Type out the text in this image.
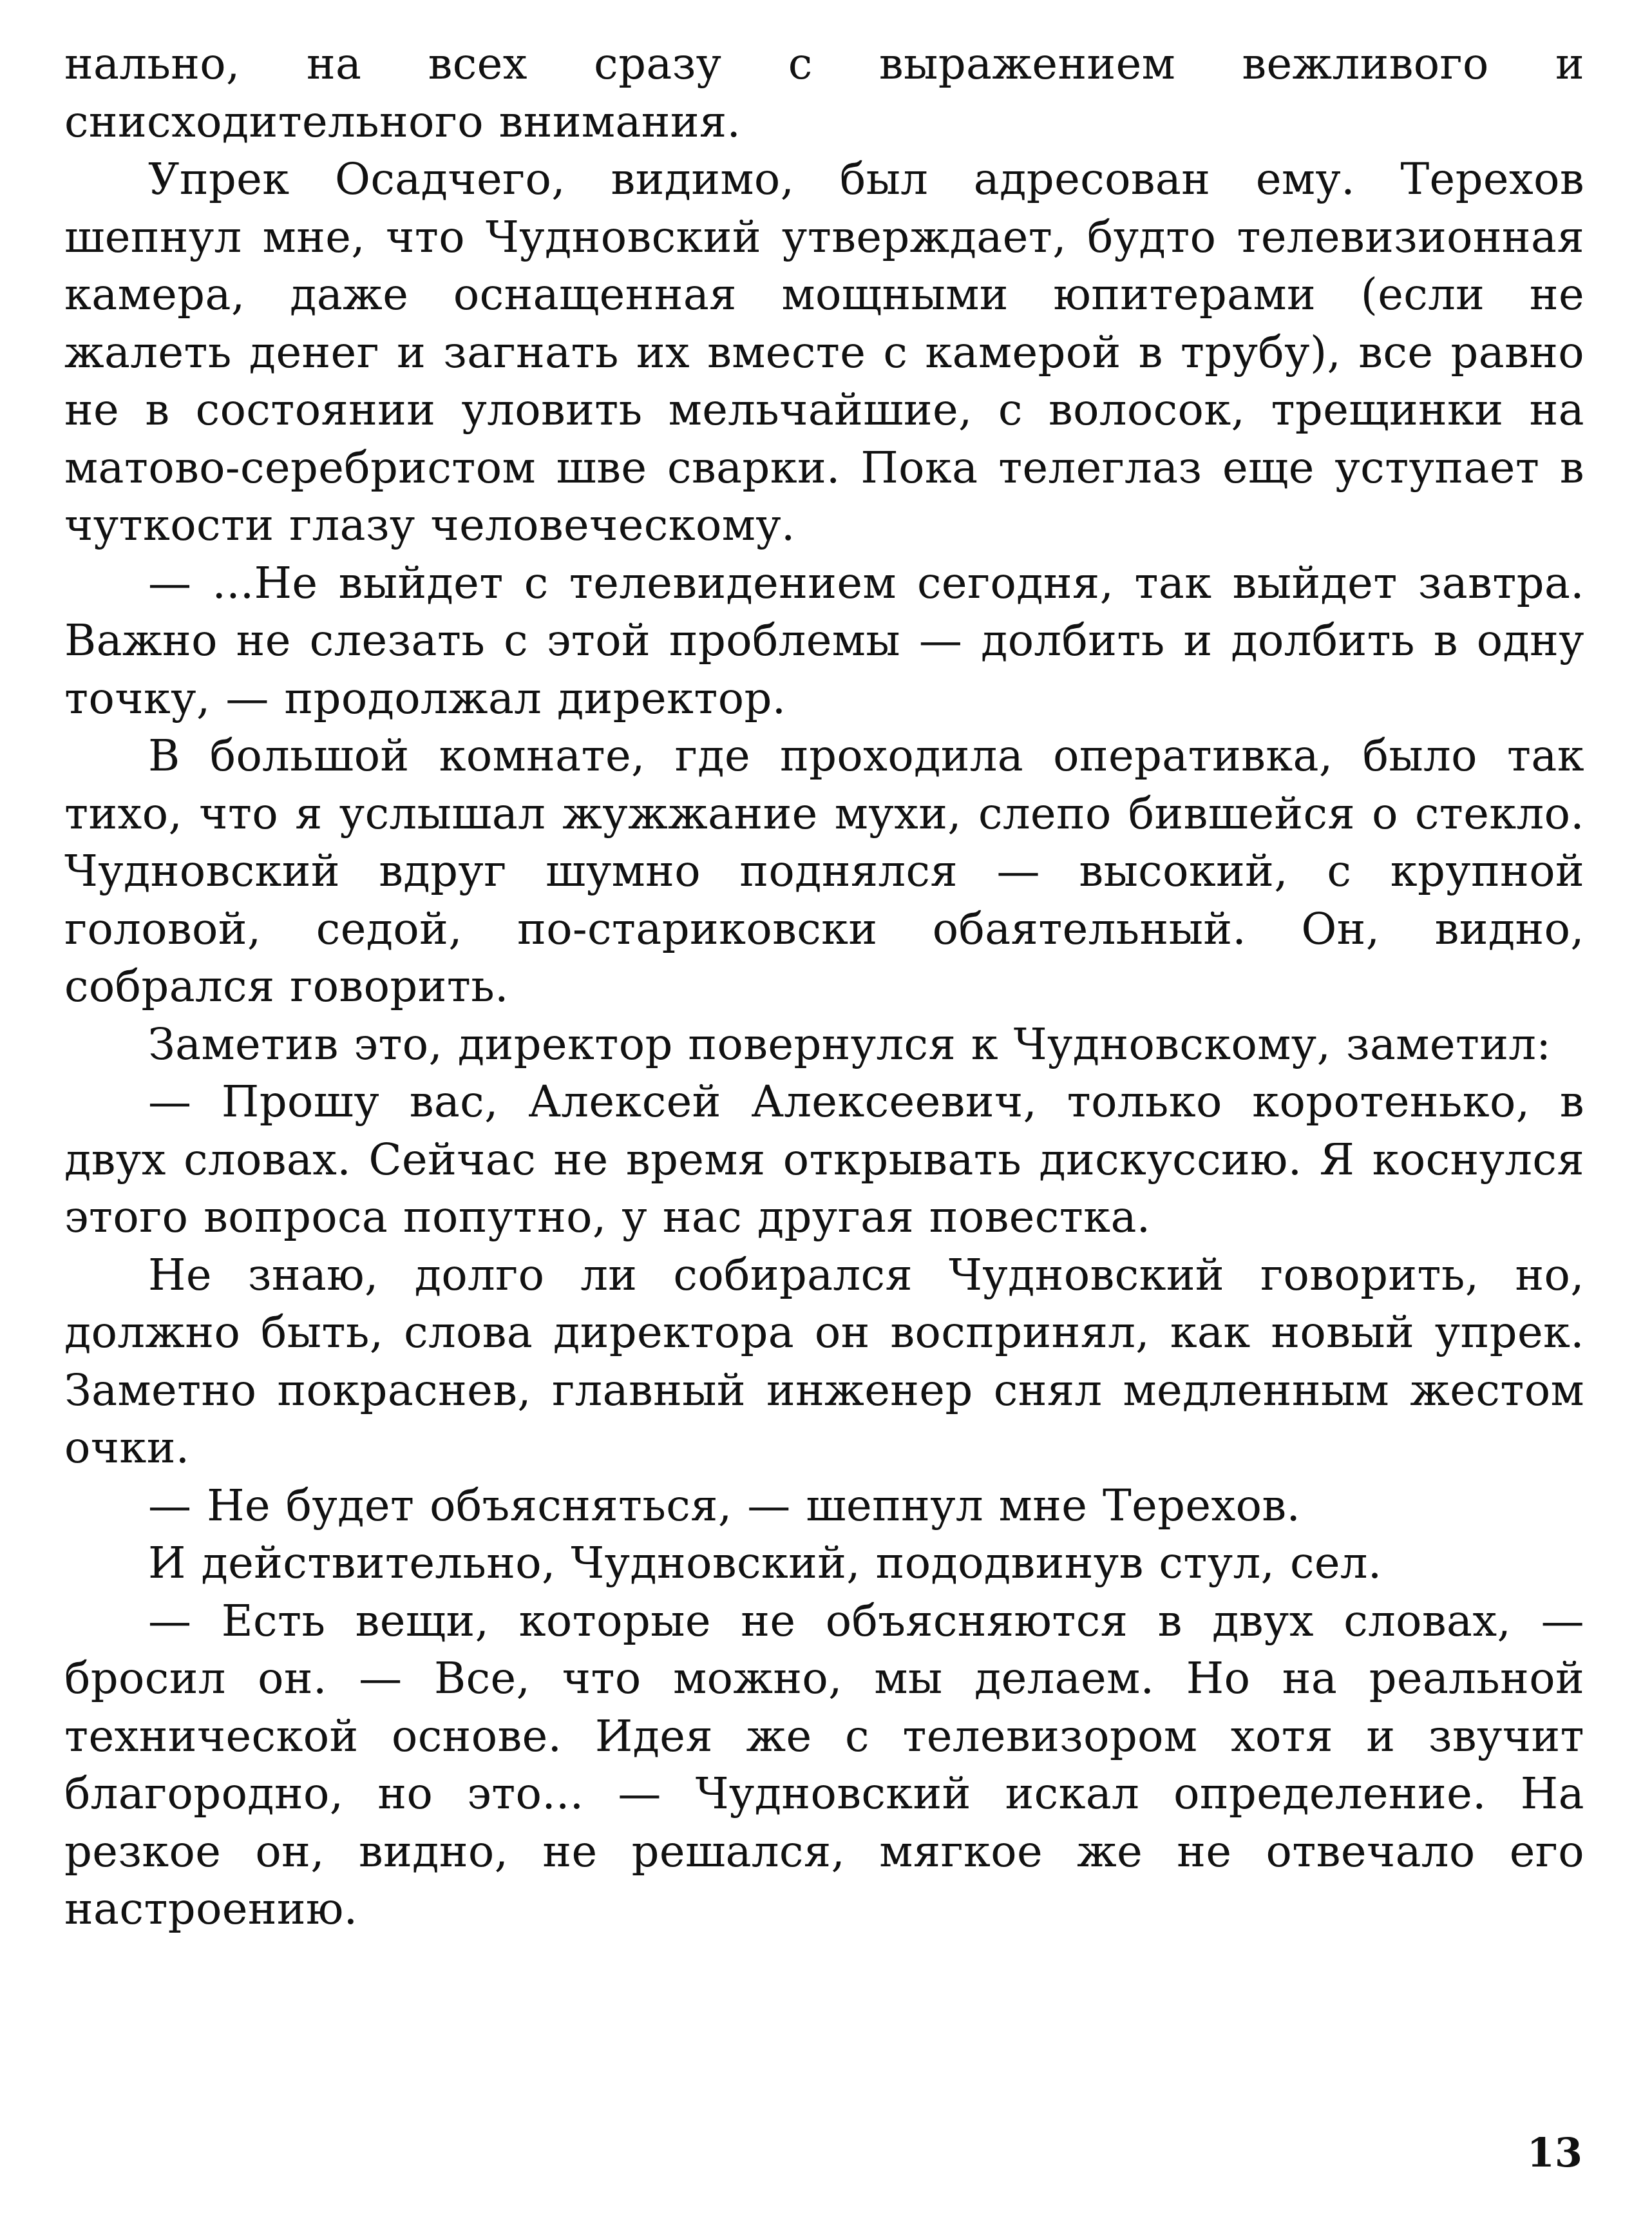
нально, на всех сразу с выражением вежливого и снисходительного внимания.

Упрек Осадчего, видимо, был адресован ему. Терехов шепнул мне, что Чудновский утверждает, будто телевизионная камера, даже оснащенная мощными юпитерами (если не жалеть денег и загнать их вместе с камерой в трубу), все равно не в состоянии уловить мельчайшие, с волосок, трещинки на матово-серебристом шве сварки. Пока телеглаз еще уступает в чуткости глазу человеческому.

— ...Не выйдет с телевидением сегодня, так выйдет завтра. Важно не слезать с этой проблемы — долбить и долбить в одну точку, — продолжал директор.

В большой комнате, где проходила оперативка, было так тихо, что я услышал жужжание мухи, слепо бившейся о стекло. Чудновский вдруг шумно поднялся — высокий, с крупной головой, седой, по-стариковски обаятельный. Он, видно, собрался говорить.

Заметив это, директор повернулся к Чудновскому, заметил:

— Прошу вас, Алексей Алексеевич, только коротенько, в двух словах. Сейчас не время открывать дискуссию. Я коснулся этого вопроса попутно, у нас другая повестка.

Не знаю, долго ли собирался Чудновский говорить, но, должно быть, слова директора он воспринял, как новый упрек. Заметно покраснев, главный инженер снял медленным жестом очки.

— Не будет объясняться, — шепнул мне Терехов.

И действительно, Чудновский, пододвинув стул, сел.

— Есть вещи, которые не объясняются в двух словах, — бросил он. — Все, что можно, мы делаем. Но на реальной технической основе. Идея же с телевизором хотя и звучит благородно, но это... — Чудновский искал определение. На резкое он, видно, не решался, мягкое же не отвечало его настроению.

13
